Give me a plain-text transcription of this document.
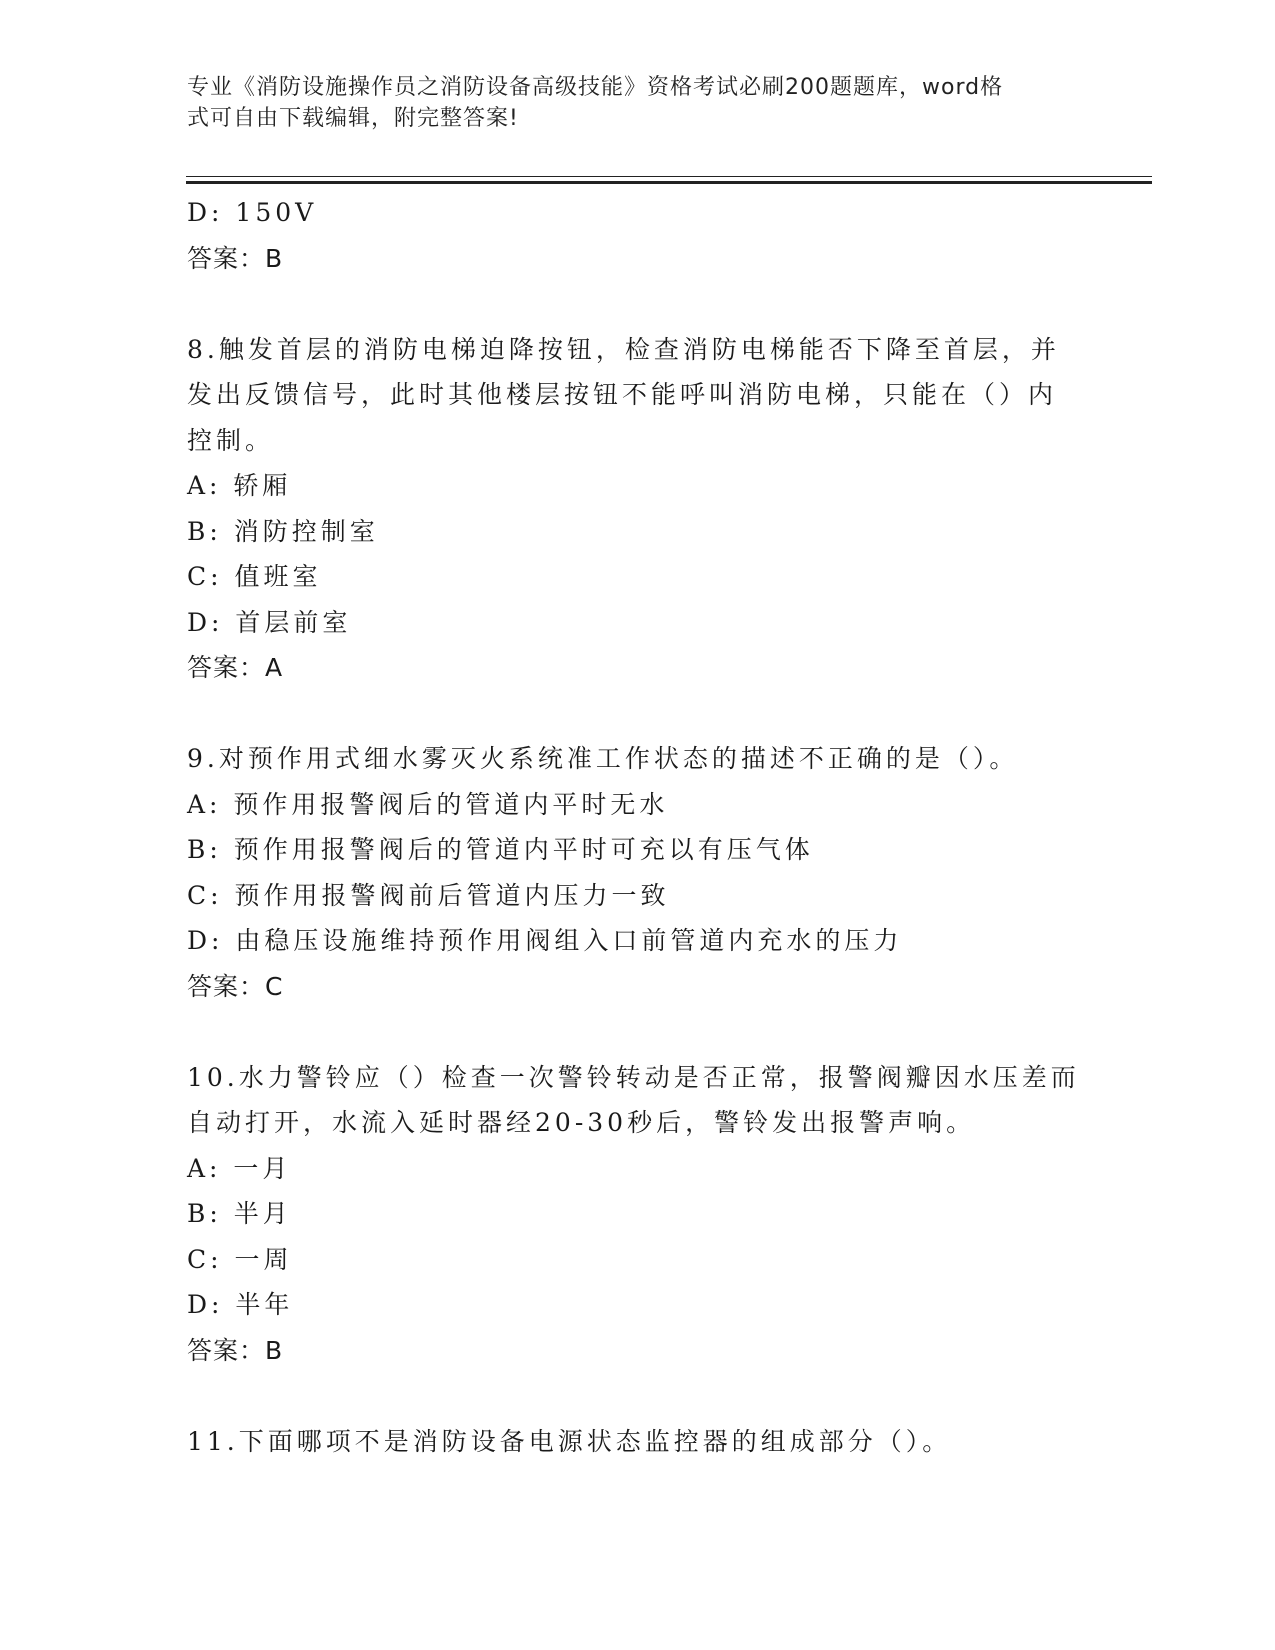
专业《消防设施操作员之消防设备高级技能》资格考试必刷200题题库，word格
式可自由下载编辑，附完整答案!
D: 150V
答案：B
8.触发首层的消防电梯迫降按钮，检查消防电梯能否下降至首层，并
发出反馈信号，此时其他楼层按钮不能呼叫消防电梯，只能在（）内
控制。
A: 轿厢
B: 消防控制室
C: 值班室
D: 首层前室
答案：A
9.对预作用式细水雾灭火系统准工作状态的描述不正确的是（）。
A: 预作用报警阀后的管道内平时无水
B: 预作用报警阀后的管道内平时可充以有压气体
C: 预作用报警阀前后管道内压力一致
D: 由稳压设施维持预作用阀组入口前管道内充水的压力
答案：C
10.水力警铃应（）检查一次警铃转动是否正常，报警阀瓣因水压差而
自动打开，水流入延时器经20-30秒后，警铃发出报警声响。
A: 一月
B: 半月
C: 一周
D: 半年
答案：B
11.下面哪项不是消防设备电源状态监控器的组成部分（）。
